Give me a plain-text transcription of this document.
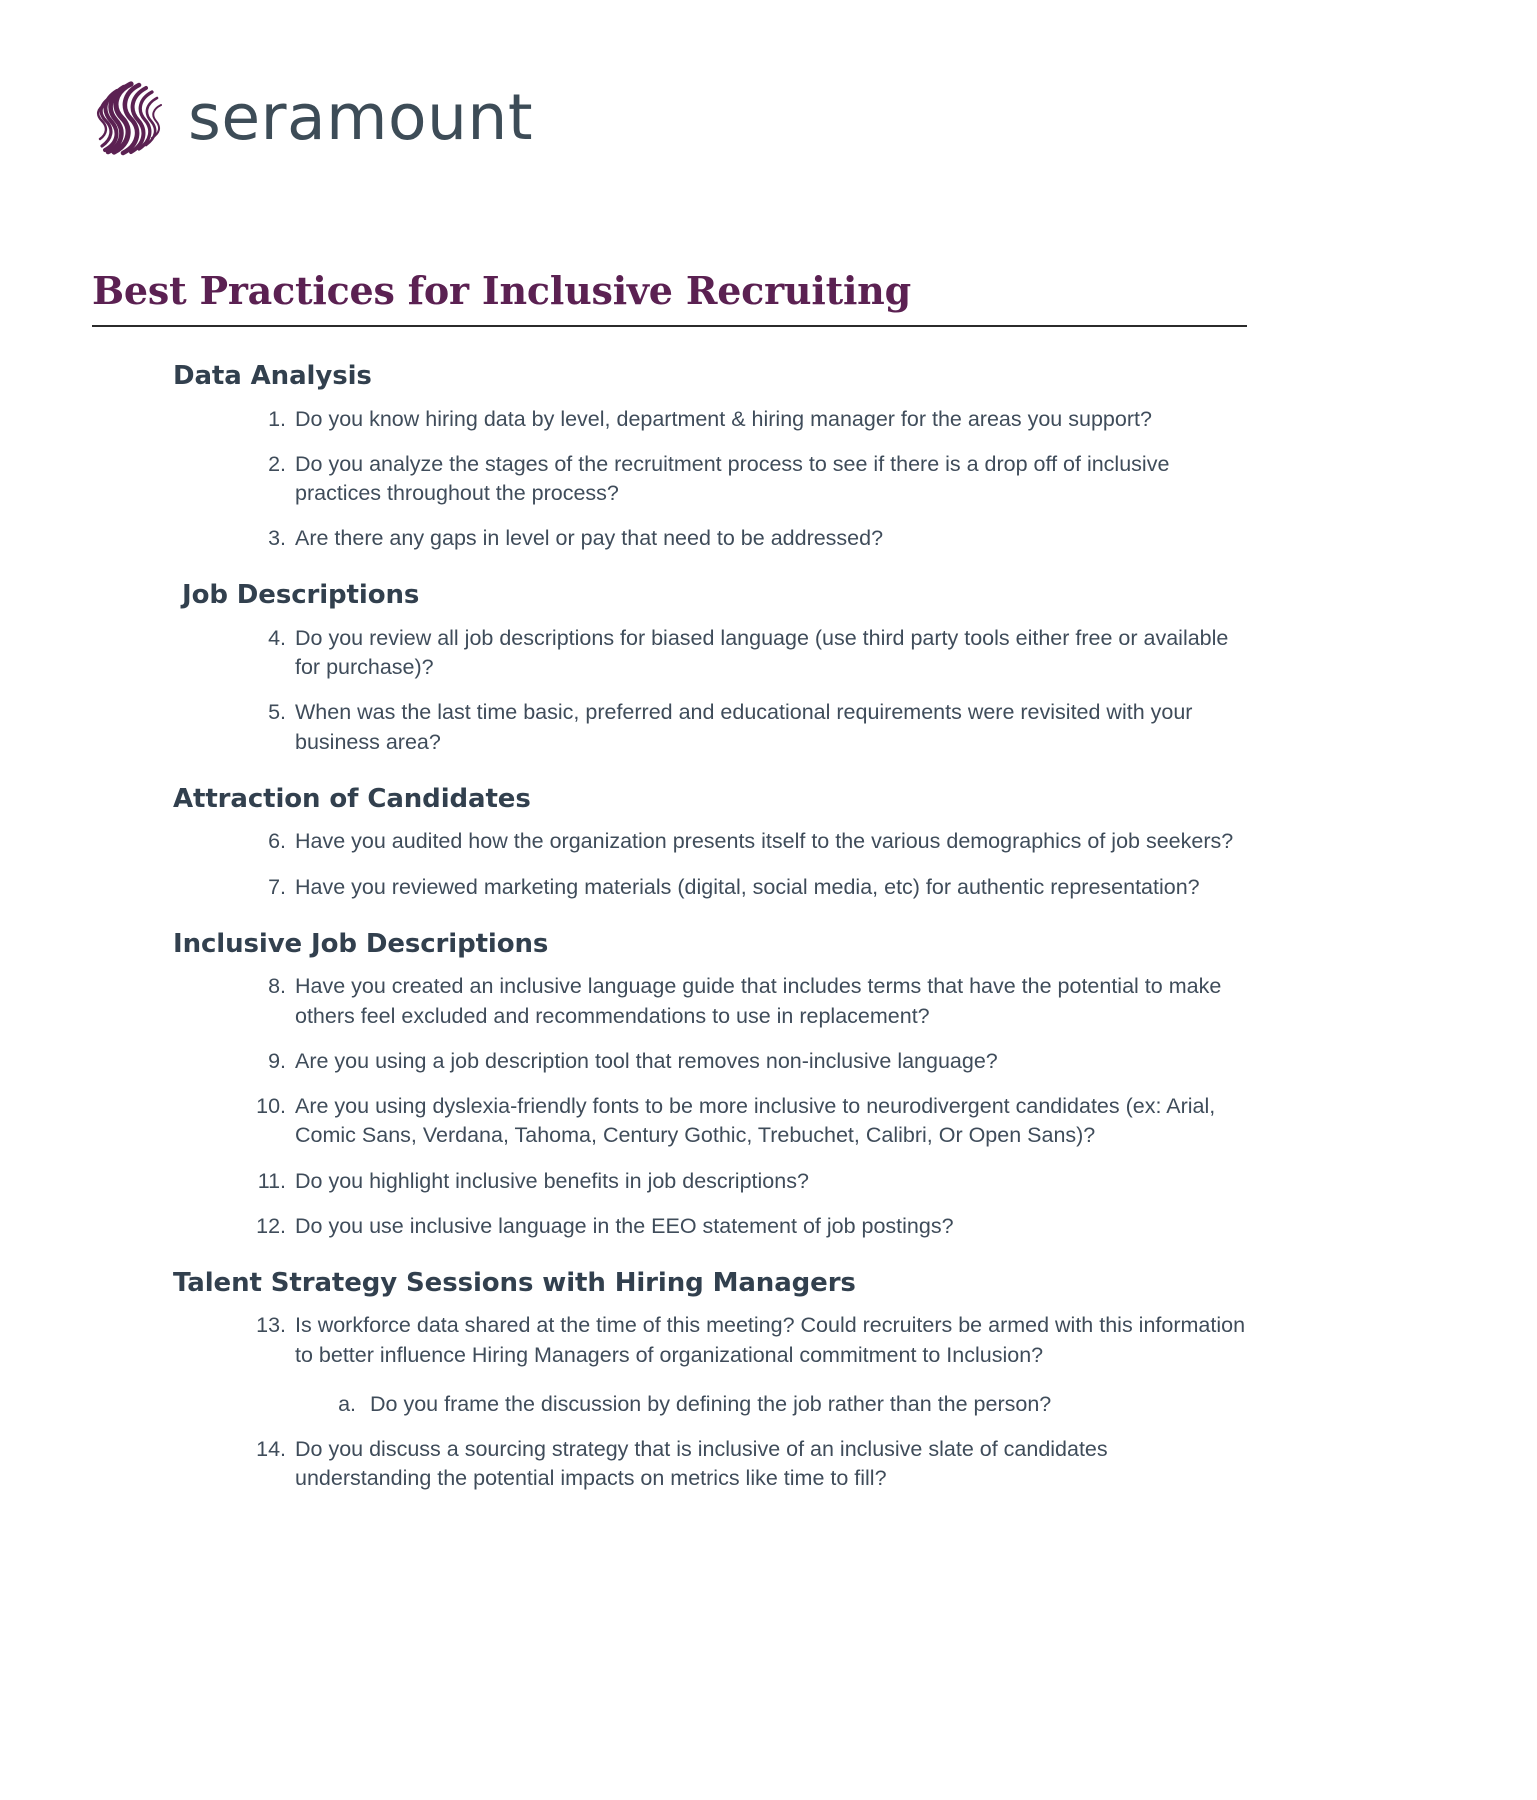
seramount
Best Practices for Inclusive Recruiting
Data Analysis
1. Do you know hiring data by level, department & hiring manager for the areas you support?
2. Do you analyze the stages of the recruitment process to see if there is a drop off of inclusive practices throughout the process?
3. Are there any gaps in level or pay that need to be addressed?
Job Descriptions
4. Do you review all job descriptions for biased language (use third party tools either free or available for purchase)?
5. When was the last time basic, preferred and educational requirements were revisited with your business area?
Attraction of Candidates
6. Have you audited how the organization presents itself to the various demographics of job seekers?
7. Have you reviewed marketing materials (digital, social media, etc) for authentic representation?
Inclusive Job Descriptions
8. Have you created an inclusive language guide that includes terms that have the potential to make others feel excluded and recommendations to use in replacement?
9. Are you using a job description tool that removes non-inclusive language?
10. Are you using dyslexia-friendly fonts to be more inclusive to neurodivergent candidates (ex: Arial, Comic Sans, Verdana, Tahoma, Century Gothic, Trebuchet, Calibri, Or Open Sans)?
11. Do you highlight inclusive benefits in job descriptions?
12. Do you use inclusive language in the EEO statement of job postings?
Talent Strategy Sessions with Hiring Managers
13. Is workforce data shared at the time of this meeting? Could recruiters be armed with this information to better influence Hiring Managers of organizational commitment to Inclusion?
a. Do you frame the discussion by defining the job rather than the person?
14. Do you discuss a sourcing strategy that is inclusive of an inclusive slate of candidates understanding the potential impacts on metrics like time to fill?
